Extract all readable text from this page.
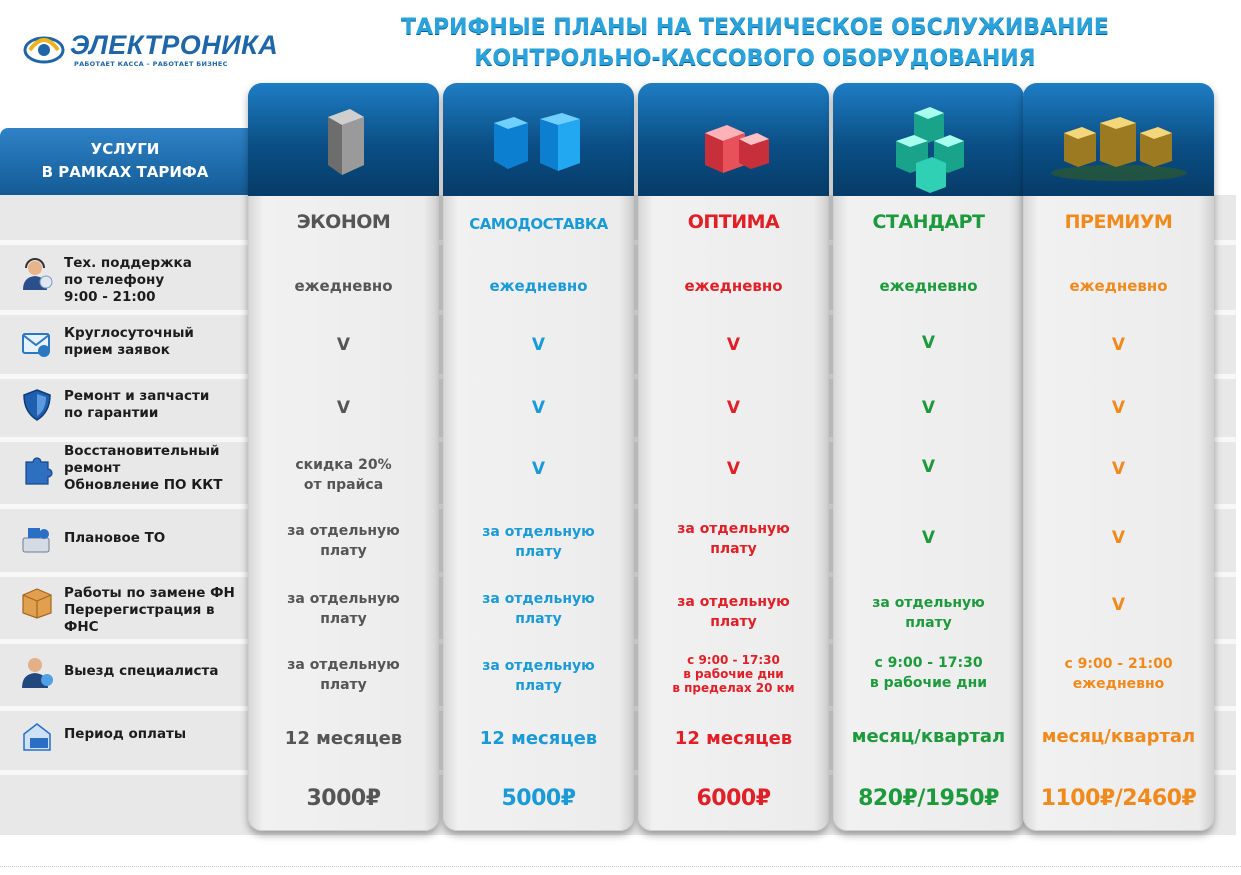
ЭЛЕКТРОНИКА
РАБОТАЕТ КАССА – РАБОТАЕТ БИЗНЕС
ТАРИФНЫЕ ПЛАНЫ НА ТЕХНИЧЕСКОЕ ОБСЛУЖИВАНИЕ
КОНТРОЛЬНО-КАССОВОГО ОБОРУДОВАНИЯ
УСЛУГИ
В РАМКАХ ТАРИФА
Тех. поддержка
по телефону
9:00 - 21:00
Круглосуточный
прием заявок
Ремонт и запчасти
по гарантии
Восстановительный
ремонт
Обновление ПО ККТ
Плановое ТО
Работы по замене ФН
Перерегистрация в ФНС
Выезд специалиста
Период оплаты
ЭКОНОМ
ежедневно
V
V
скидка 20%
от прайса
за отдельную
плату
за отдельную
плату
за отдельную
плату
12 месяцев
3000₽
САМОДОСТАВКА
ежедневно
V
V
V
за отдельную
плату
за отдельную
плату
за отдельную
плату
12 месяцев
5000₽
ОПТИМА
ежедневно
V
V
V
за отдельную
плату
за отдельную
плату
с 9:00 - 17:30
в рабочие дни
в пределах 20 км
12 месяцев
6000₽
СТАНДАРТ
ежедневно
V
V
V
V
за отдельную
плату
с 9:00 - 17:30
в рабочие дни
месяц/квартал
820₽/1950₽
ПРЕМИУМ
ежедневно
V
V
V
V
V
с 9:00 - 21:00
ежедневно
месяц/квартал
1100₽/2460₽
